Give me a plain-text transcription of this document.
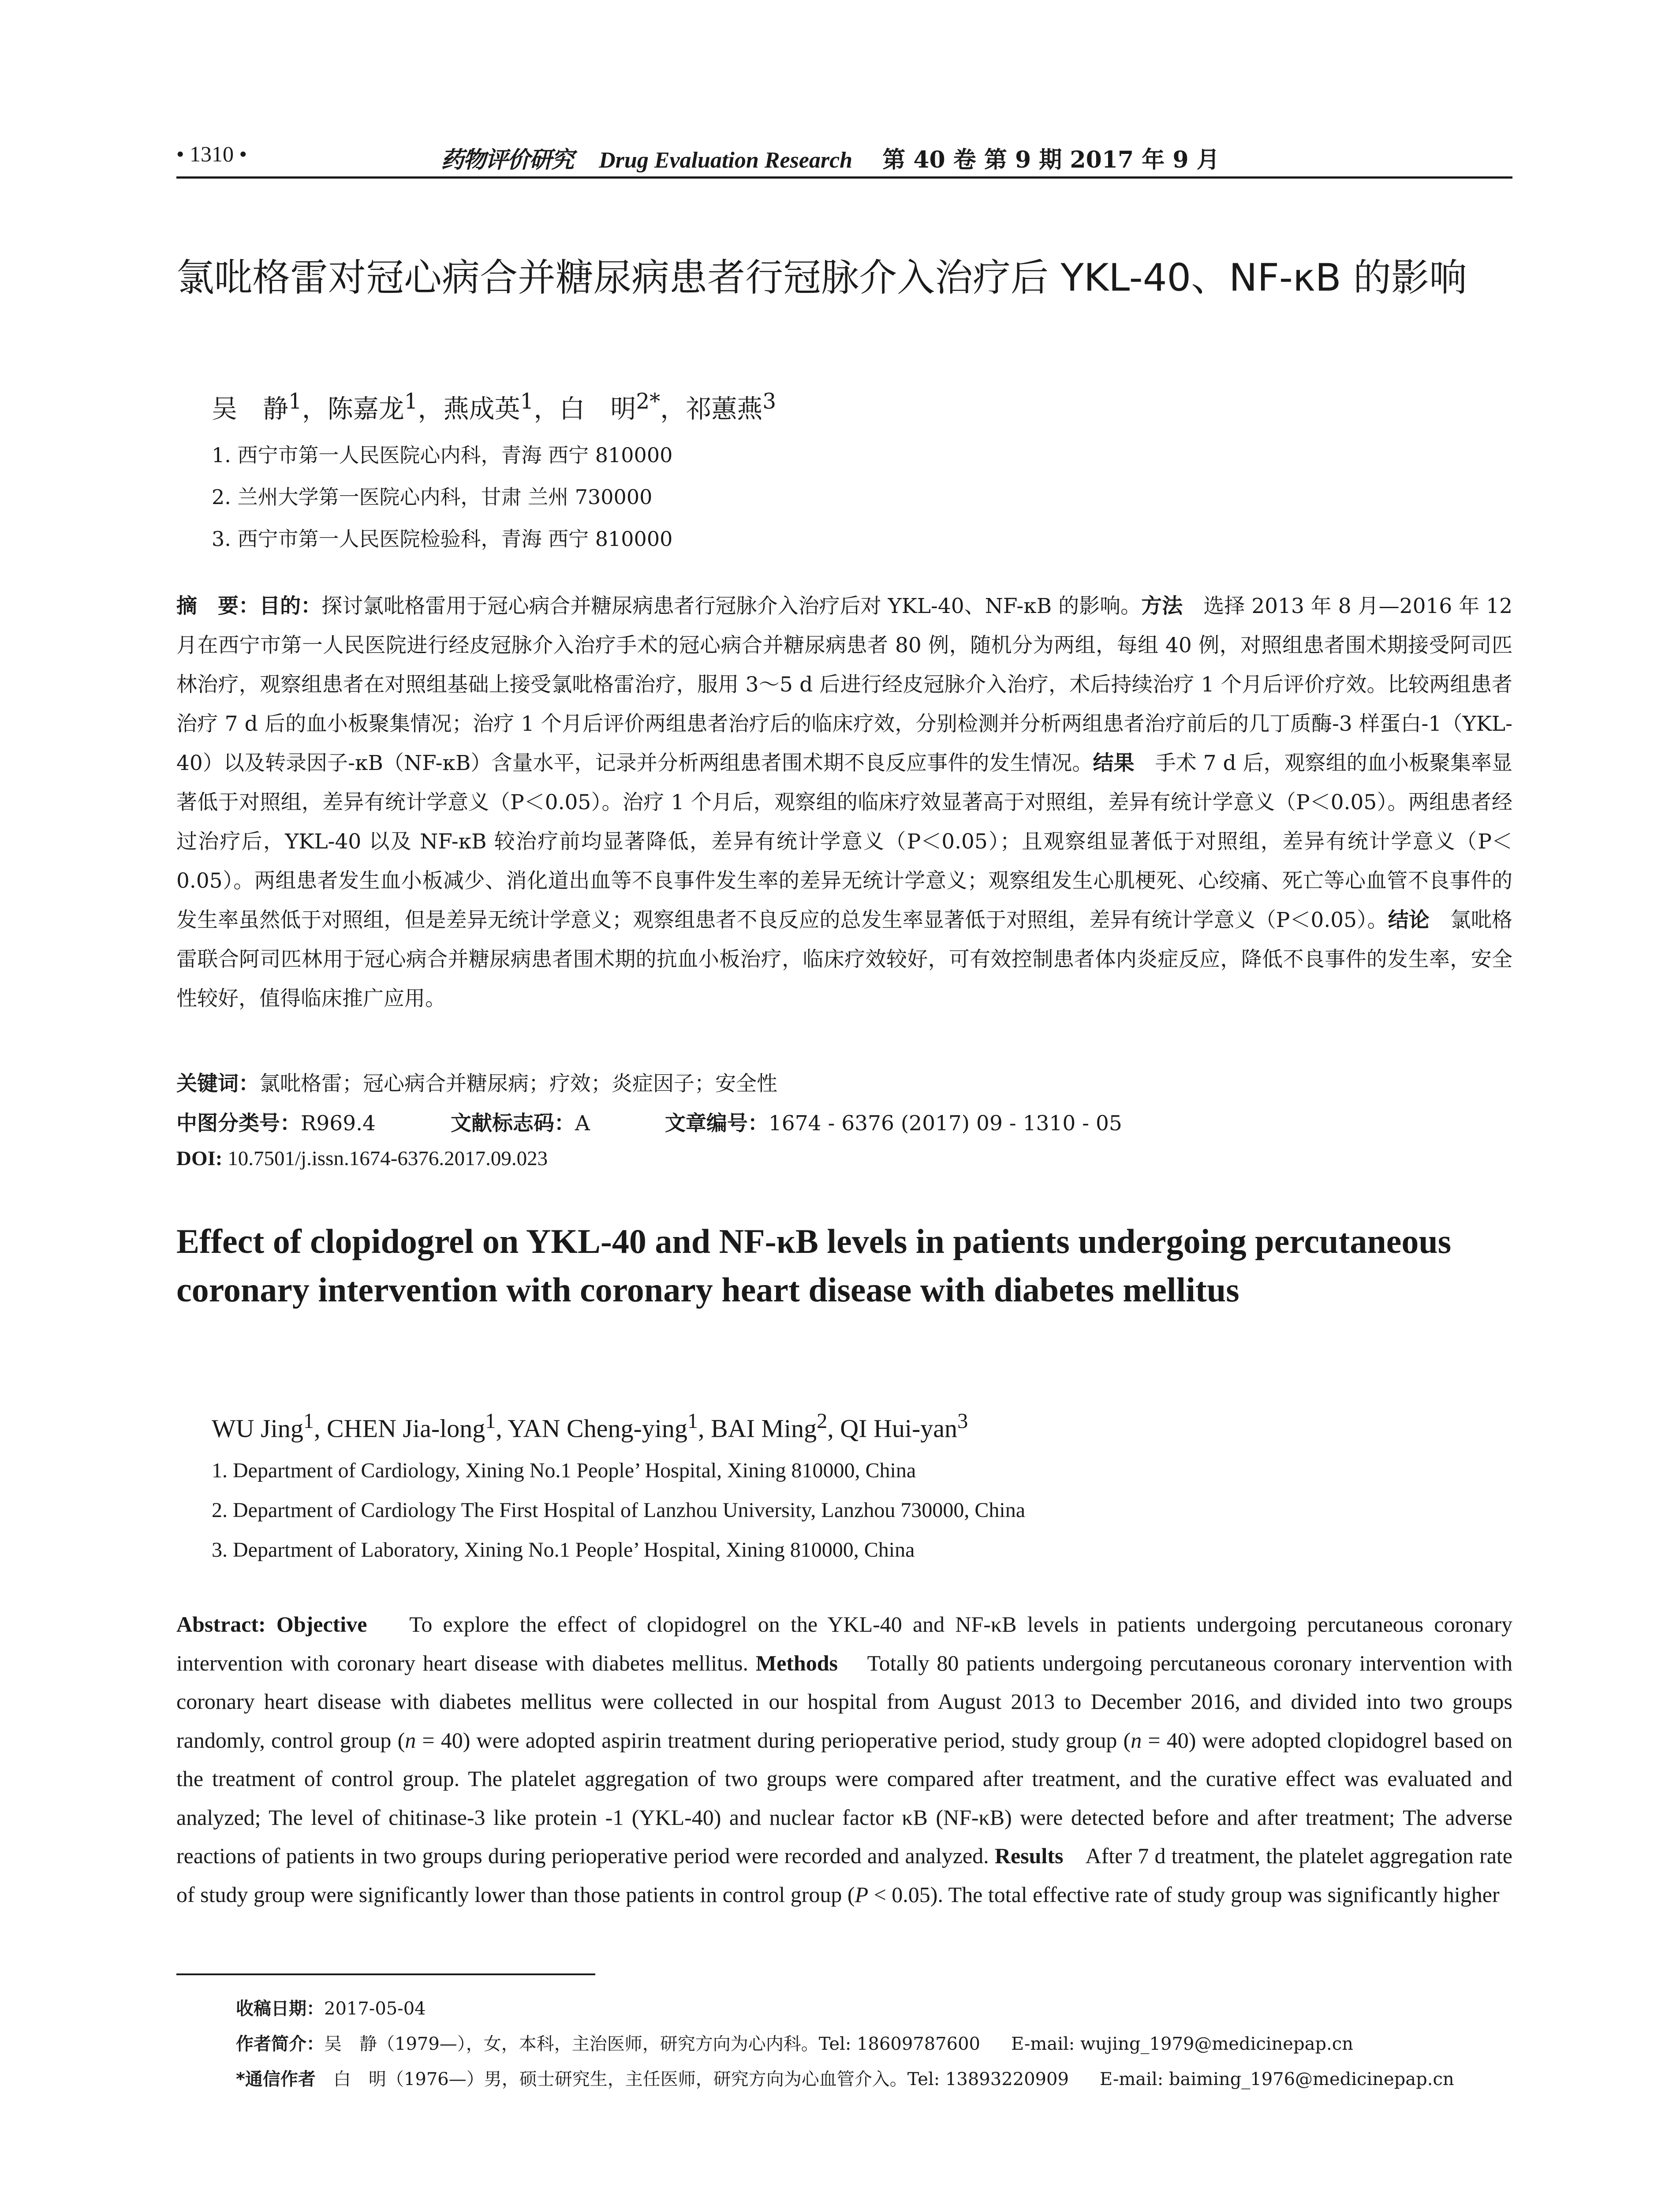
• 1310 •	药物评价研究 Drug Evaluation Research 第 40 卷 第 9 期 2017 年 9 月
氯吡格雷对冠心病合并糖尿病患者行冠脉介入治疗后 YKL-40、NF-κB 的影响
吴　静$^1$，陈嘉龙$^1$，燕成英$^1$，白　明$^{2*}$，祁蕙燕$^3$
1. 西宁市第一人民医院心内科，青海 西宁 810000
2. 兰州大学第一医院心内科，甘肃 兰州 730000
3. 西宁市第一人民医院检验科，青海 西宁 810000

摘　要：目的：探讨氯吡格雷用于冠心病合并糖尿病患者行冠脉介入治疗后对 YKL-40、NF-κB 的影响。方法　 选择 2013 年 8 月—2016 年 12 月在西宁市第一人民医院进行经皮冠脉介入治疗手术的冠心病合并糖尿病患者 80 例，随机分为两组，每组 40 例，对照组患者围术期接受阿司匹林治疗，观察组患者在对照组基础上接受氯吡格雷治疗，服用 3～5 d 后进行经皮冠脉介入治疗，术后持续治疗 1 个月后评价疗效。比较两组患者治疗 7 d 后的血小板聚集情况；治疗 1 个月后评价两组患者治疗后的临床疗效，分别检测并分析两组患者治疗前后的几丁质酶-3 样蛋白-1（YKL-40）以及转录因子-κB（NF-κB）含量水平，记录并分析两组患者围术期不良反应事件的发生情况。结果　 手术 7 d 后，观察组的血小板聚集率显著低于对照组，差异有统计学意义（P＜0.05）。治疗 1 个月后，观察组的临床疗效显著高于对照组，差异有统计学意义（P＜0.05）。两组患者经过治疗后，YKL-40 以及 NF-κB 较治疗前均显著降低，差异有统计学意义（P＜0.05）；且观察组显著低于对照组，差异有统计学意义（P＜0.05）。两组患者发生血小板减少、消化道出血等不良事件发生率的差异无统计学意义；观察组发生心肌梗死、心绞痛、死亡等心血管不良事件的发生率虽然低于对照组，但是差异无统计学意义；观察组患者不良反应的总发生率显著低于对照组，差异有统计学意义（P＜0.05）。结论　 氯吡格雷联合阿司匹林用于冠心病合并糖尿病患者围术期的抗血小板治疗，临床疗效较好，可有效控制患者体内炎症反应，降低不良事件的发生率，安全性较好，值得临床推广应用。

关键词：氯吡格雷；冠心病合并糖尿病；疗效；炎症因子；安全性
中图分类号：R969.4	文献标志码：A	文章编号：1674 - 6376 (2017) 09 - 1310 - 05
DOI: 10.7501/j.issn.1674-6376.2017.09.023
Effect of clopidogrel on YKL-40 and NF-κB levels in patients undergoing percutaneous coronary intervention with coronary heart disease with diabetes mellitus
WU Jing$^1$, CHEN Jia-long$^1$, YAN Cheng-ying$^1$, BAI Ming$^2$, QI Hui-yan$^3$
1. Department of Cardiology, Xining No.1 People’ Hospital, Xining 810000, China
2. Department of Cardiology The First Hospital of Lanzhou University, Lanzhou 730000, China
3. Department of Laboratory, Xining No.1 People’ Hospital, Xining 810000, China

Abstract: Objective To explore the effect of clopidogrel on the YKL-40 and NF-κB levels in patients undergoing percutaneous coronary intervention with coronary heart disease with diabetes mellitus. Methods Totally 80 patients undergoing percutaneous coronary intervention with coronary heart disease with diabetes mellitus were collected in our hospital from August 2013 to December 2016, and divided into two groups randomly, control group (n = 40) were adopted aspirin treatment during perioperative period, study group (n = 40) were adopted clopidogrel based on the treatment of control group. The platelet aggregation of two groups were compared after treatment, and the curative effect was evaluated and analyzed; The level of chitinase-3 like protein -1 (YKL-40) and nuclear factor κB (NF-κB) were detected before and after treatment; The adverse reactions of patients in two groups during perioperative period were recorded and analyzed. Results After 7 d treatment, the platelet aggregation rate of study group were significantly lower than those patients in control group (P < 0.05). The total effective rate of study group was significantly higher

收稿日期：2017-05-04
作者简介：吴　静（1979—），女，本科，主治医师，研究方向为心内科。Tel: 18609787600 E-mail: wujing_1979@medicinepap.cn
*通信作者　 白　明（1976—）男，硕士研究生，主任医师，研究方向为心血管介入。Tel: 13893220909 E-mail: baiming_1976@medicinepap.cn
